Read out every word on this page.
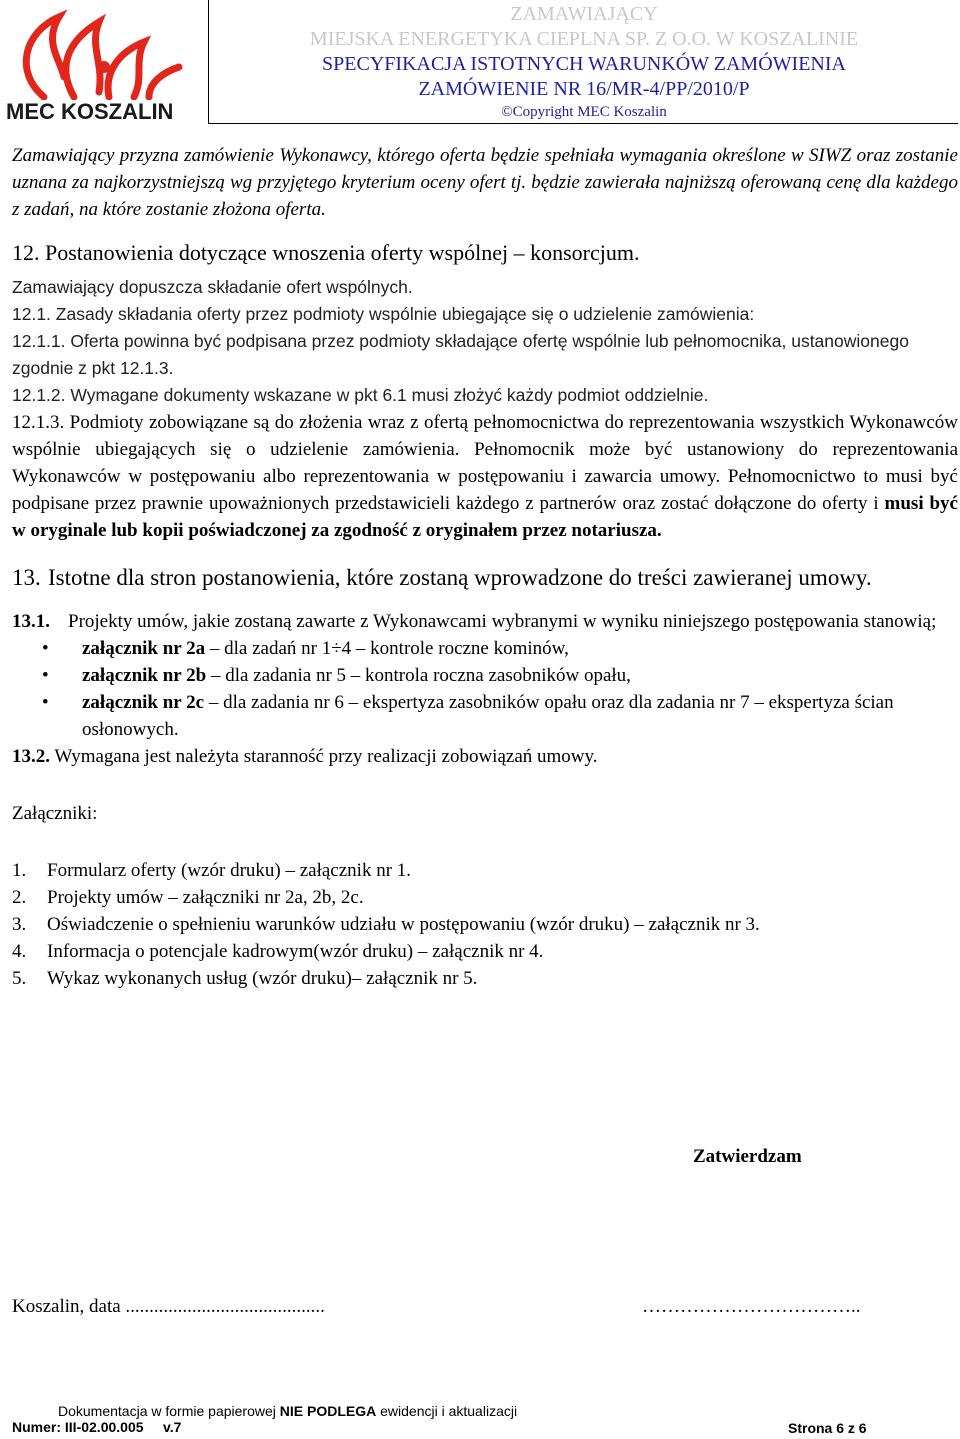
MEC KOSZALIN
ZAMAWIAJĄCY
MIEJSKA ENERGETYKA CIEPLNA SP. Z O.O. W KOSZALINIE
SPECYFIKACJA ISTOTNYCH WARUNKÓW ZAMÓWIENIA
ZAMÓWIENIE NR 16/MR-4/PP/2010/P
©Copyright MEC Koszalin

Zamawiający przyzna zamówienie Wykonawcy, którego oferta będzie spełniała wymagania określone w SIWZ oraz zostanie uznana za najkorzystniejszą wg przyjętego kryterium oceny ofert tj. będzie zawierała najniższą oferowaną cenę dla każdego z zadań, na które zostanie złożona oferta.

12. Postanowienia dotyczące wnoszenia oferty wspólnej – konsorcjum.

Zamawiający dopuszcza składanie ofert wspólnych.

12.1. Zasady składania oferty przez podmioty wspólnie ubiegające się o udzielenie zamówienia:

12.1.1. Oferta powinna być podpisana przez podmioty składające ofertę wspólnie lub pełnomocnika, ustanowionego zgodnie z pkt 12.1.3.

12.1.2. Wymagane dokumenty wskazane w pkt 6.1 musi złożyć każdy podmiot oddzielnie.

12.1.3. Podmioty zobowiązane są do złożenia wraz z ofertą pełnomocnictwa do reprezentowania wszystkich Wykonawców wspólnie ubiegających się o udzielenie zamówienia. Pełnomocnik może być ustanowiony do reprezentowania Wykonawców w postępowaniu albo reprezentowania w postępowaniu i zawarcia umowy. Pełnomocnictwo to musi być podpisane przez prawnie upoważnionych przedstawicieli każdego z partnerów oraz zostać dołączone do oferty i musi być w oryginale lub kopii poświadczonej za zgodność z oryginałem przez notariusza.

13. Istotne dla stron postanowienia, które zostaną wprowadzone do treści zawieranej umowy.
13.1. Projekty umów, jakie zostaną zawarte z Wykonawcami wybranymi w wyniku niniejszego postępowania stanowią;
•	załącznik nr 2a – dla zadań nr 1÷4 – kontrole roczne kominów,
•	załącznik nr 2b – dla zadania nr 5 – kontrola roczna zasobników opału,
•	załącznik nr 2c – dla zadania nr 6 – ekspertyza zasobników opału oraz dla zadania nr 7 – ekspertyza ścian osłonowych.

13.2. Wymagana jest należyta staranność przy realizacji zobowiązań umowy.

Załączniki:

1.	Formularz oferty (wzór druku) – załącznik nr 1.
2.	Projekty umów – załączniki nr 2a, 2b, 2c.
3.	Oświadczenie o spełnieniu warunków udziału w postępowaniu (wzór druku) – załącznik nr 3.
4.	Informacja o potencjale kadrowym(wzór druku) – załącznik nr 4.
5.	Wykaz wykonanych usług (wzór druku)– załącznik nr 5.
Zatwierdzam
Koszalin, data ..........................................	……………………………..
Dokumentacja w formie papierowej NIE PODLEGA ewidencji i aktualizacji
Numer: III-02.00.005     v.7	Strona 6 z 6
